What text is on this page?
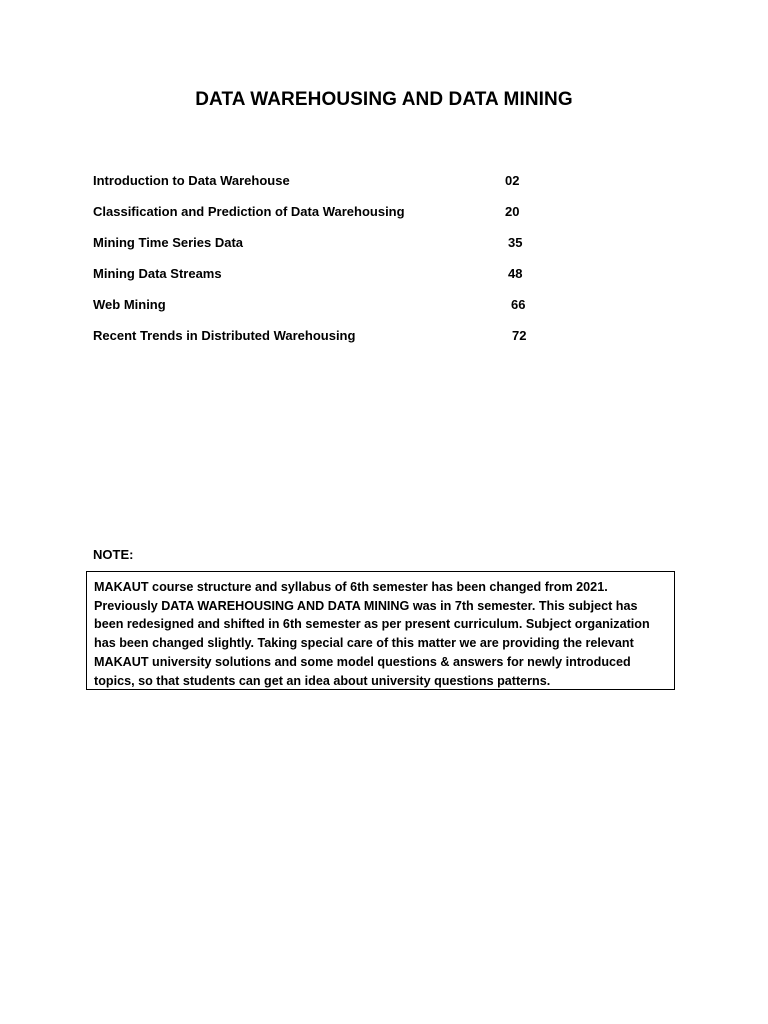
DATA WAREHOUSING AND DATA MINING
Introduction to Data Warehouse	02
Classification and Prediction of Data Warehousing	20
Mining Time Series Data	35
Mining Data Streams	48
Web Mining	66
Recent Trends in Distributed Warehousing	72
NOTE:
MAKAUT course structure and syllabus of 6th semester has been changed from 2021. Previously DATA WAREHOUSING AND DATA MINING was in 7th semester. This subject has been redesigned and shifted in 6th semester as per present curriculum. Subject organization has been changed slightly. Taking special care of this matter we are providing the relevant MAKAUT university solutions and some model questions & answers for newly introduced topics, so that students can get an idea about university questions patterns.
